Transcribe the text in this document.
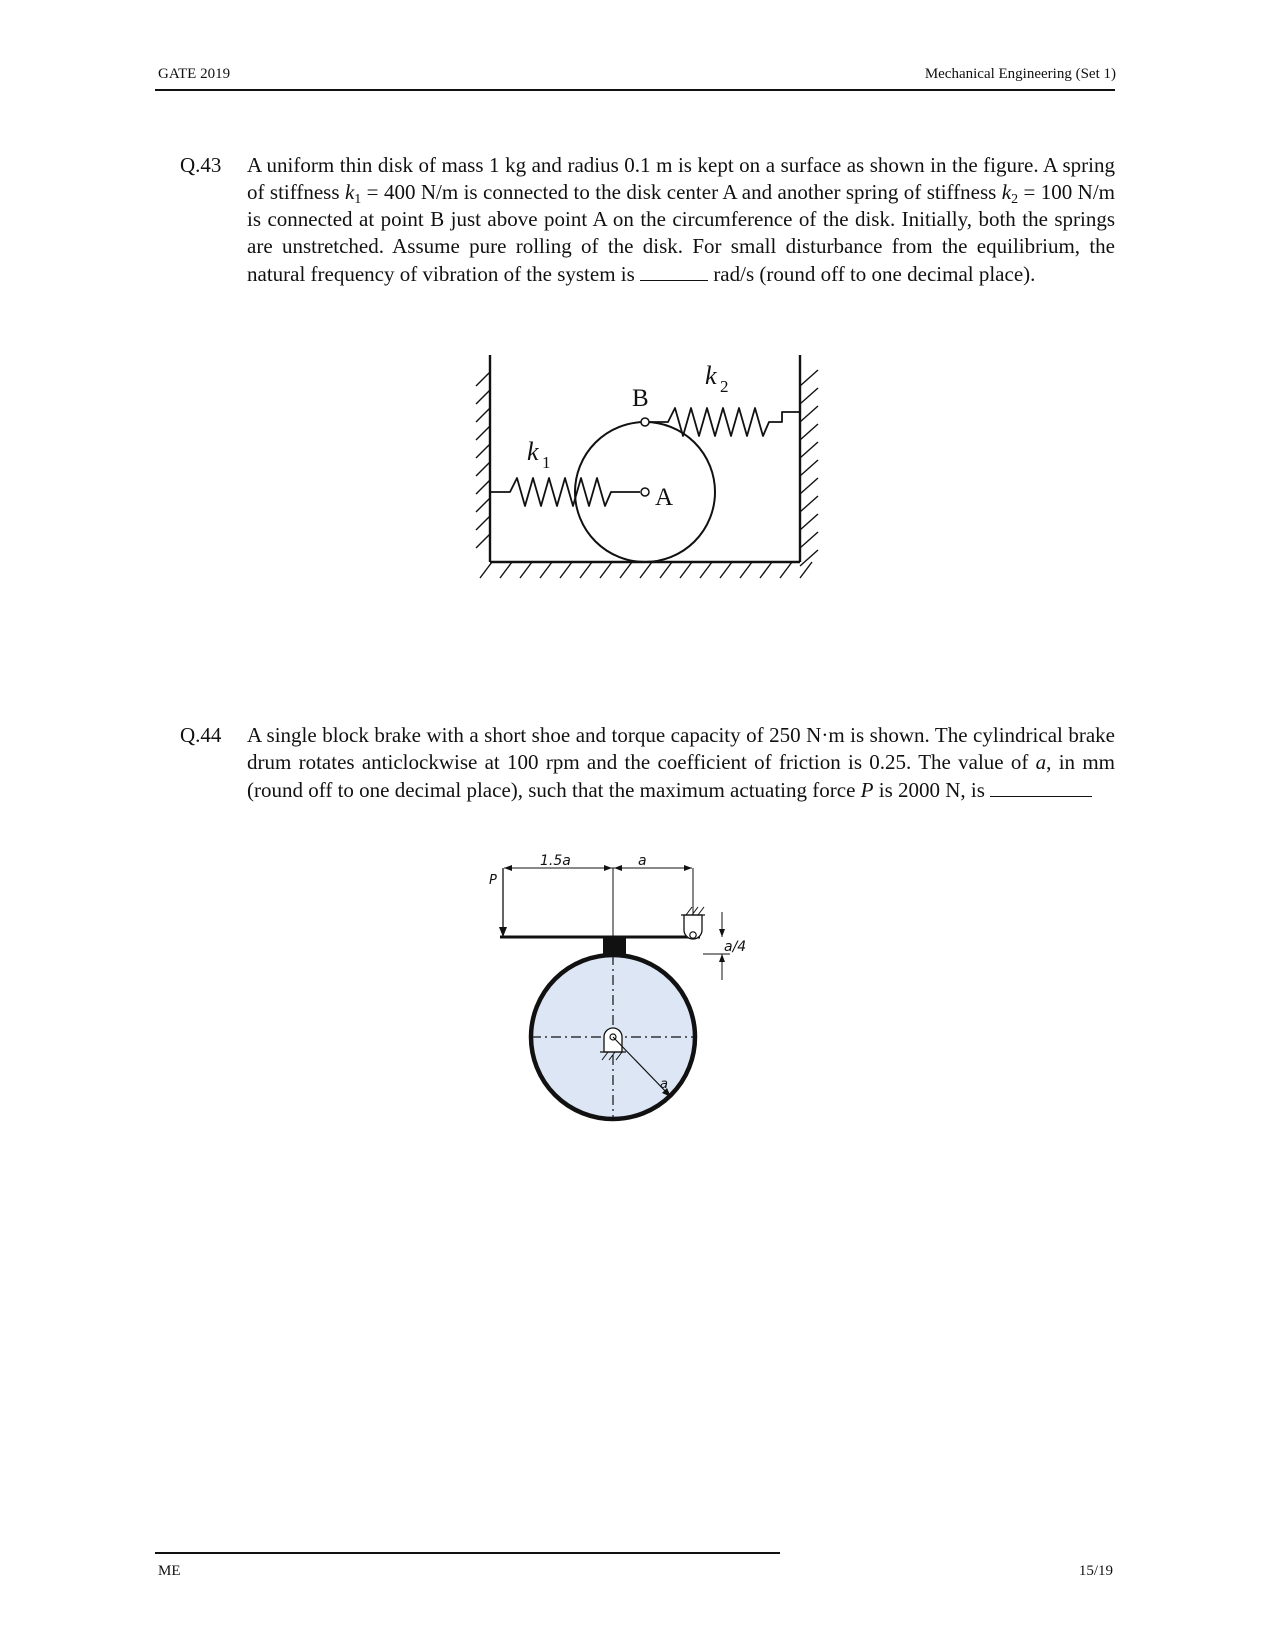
GATE 2019	Mechanical Engineering (Set 1)
Q.43 A uniform thin disk of mass 1 kg and radius 0.1 m is kept on a surface as shown in the figure. A spring of stiffness $k_1 = 400$ N/m is connected to the disk center A and another spring of stiffness $k_2 = 100$ N/m is connected at point B just above point A on the circumference of the disk. Initially, both the springs are unstretched. Assume pure rolling of the disk. For small disturbance from the equilibrium, the natural frequency of vibration of the system is	rad/s (round off to one decimal place).
A
B
k 1
k 2
Q.44 A single block brake with a short shoe and torque capacity of 250 N·m is shown. The cylindrical brake drum rotates anticlockwise at 100 rpm and the coefficient of friction is 0.25. The value of a, in mm (round off to one decimal place), such that the maximum actuating force P is 2000 N, is
P
1.5a	a
a/4
a
ME	15/19
